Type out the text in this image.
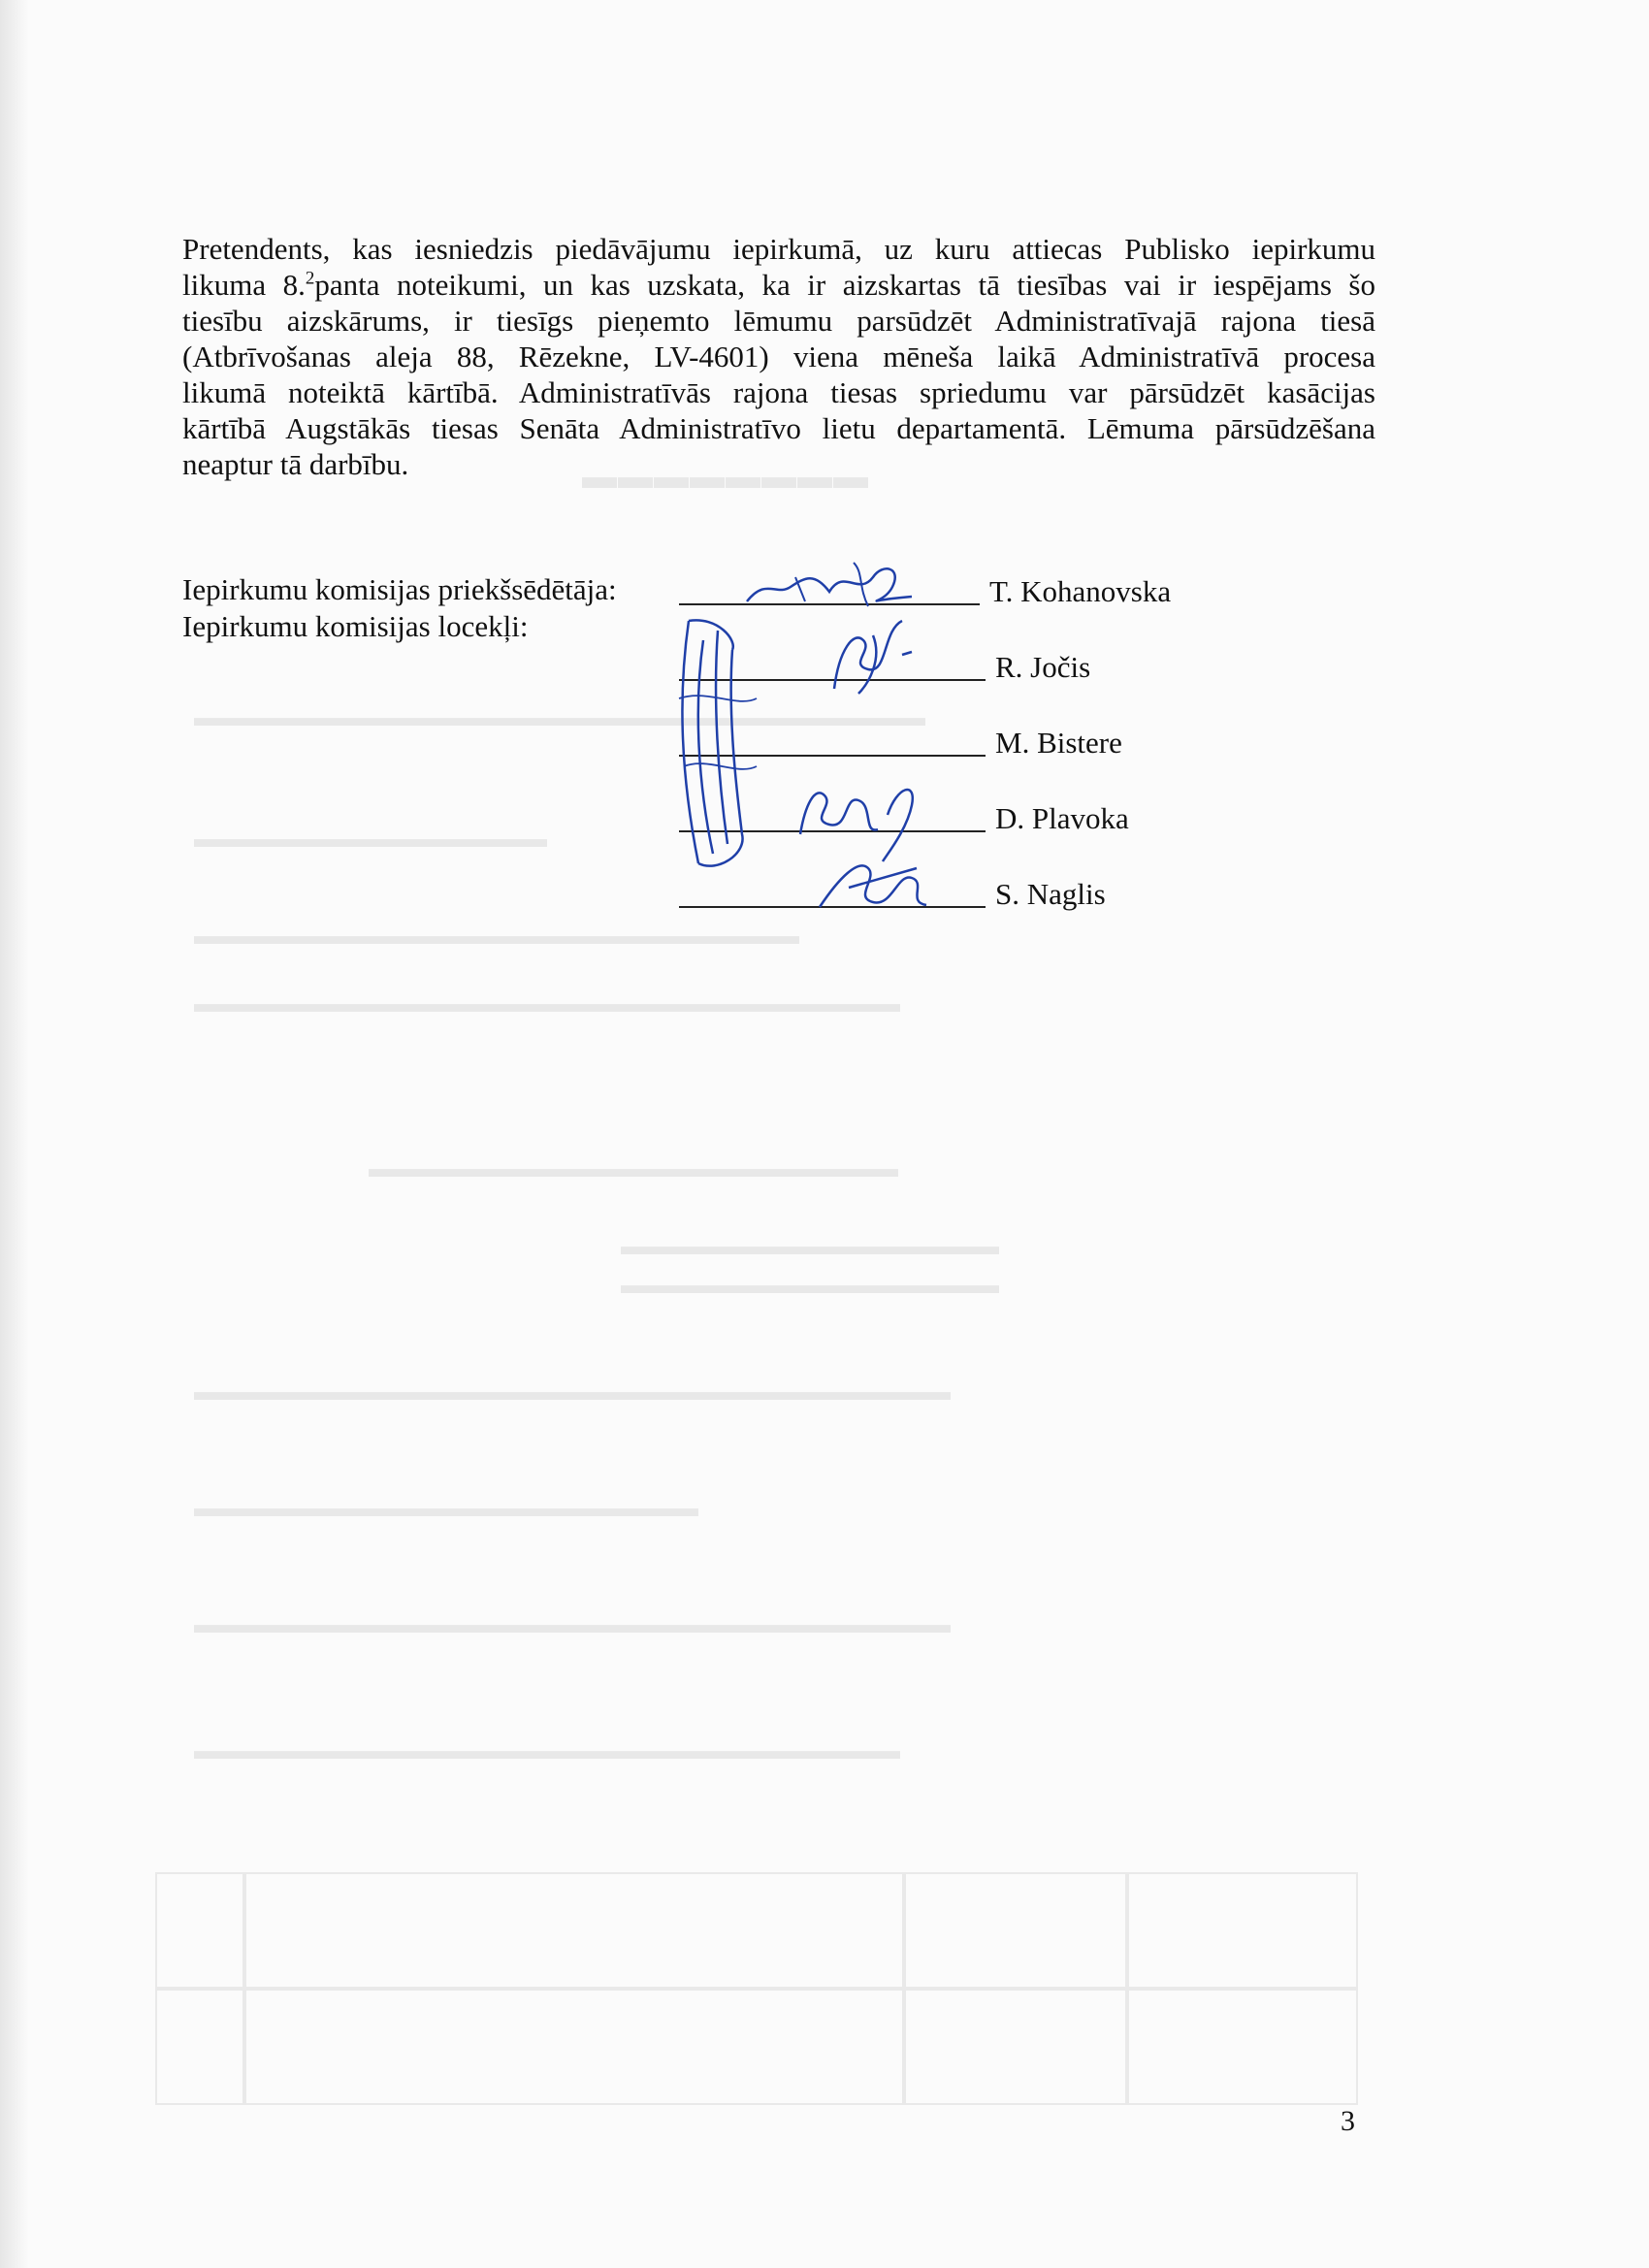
▬▬▬▬▬▬▬▬
▬▬▬▬▬▬▬▬▬▬▬▬▬▬▬▬▬▬▬▬▬▬▬▬▬▬▬▬▬
▬▬▬▬▬▬▬▬▬▬▬▬▬▬
▬▬▬▬▬▬▬▬▬▬▬▬▬▬▬▬▬▬▬▬▬▬▬▬
▬▬▬▬▬▬▬▬▬▬▬▬▬▬▬▬▬▬▬▬▬▬▬▬▬▬▬▬
▬▬▬▬▬▬▬▬▬▬▬▬▬▬▬▬▬▬▬▬▬
▬▬▬▬▬▬▬▬▬▬▬▬▬▬▬
▬▬▬▬▬▬▬▬▬▬▬▬▬▬▬
▬▬▬▬▬▬▬▬▬▬▬▬▬▬▬▬▬▬▬▬▬▬▬▬▬▬▬▬▬▬
▬▬▬▬▬▬▬▬▬▬▬▬▬▬▬▬▬▬▬▬
▬▬▬▬▬▬▬▬▬▬▬▬▬▬▬▬▬▬▬▬▬▬▬▬▬▬▬▬▬▬
▬▬▬▬▬▬▬▬▬▬▬▬▬▬▬▬▬▬▬▬▬▬▬▬▬▬▬▬
Pretendents, kas iesniedzis piedāvājumu iepirkumā, uz kuru attiecas Publisko iepirkumu
likuma 8.$^2$panta noteikumi, un kas uzskata, ka ir aizskartas tā tiesības vai ir iespējams šo
tiesību aizskārums, ir tiesīgs pieņemto lēmumu parsūdzēt Administratīvajā rajona tiesā
(Atbrīvošanas aleja 88, Rēzekne, LV-4601) viena mēneša laikā Administratīvā procesa
likumā noteiktā kārtībā. Administratīvās rajona tiesas spriedumu var pārsūdzēt kasācijas
kārtībā Augstākās tiesas Senāta Administratīvo lietu departamentā. Lēmuma pārsūdzēšana
neaptur tā darbību.
Iepirkumu komisijas priekšsēdētāja:
Iepirkumu komisijas locekļi:
T. Kohanovska
R. Jočis
M. Bistere
D. Plavoka
S. Naglis
3
